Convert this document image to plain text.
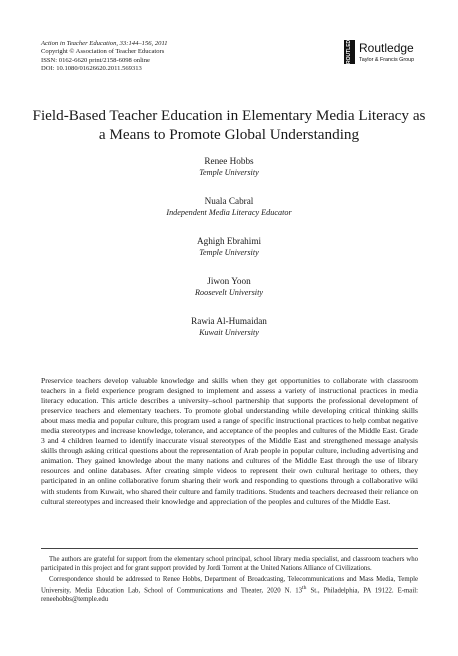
Action in Teacher Education, 33:144–156, 2011
Copyright © Association of Teacher Educators
ISSN: 0162-6620 print/2158-6098 online
DOI: 10.1080/01626620.2011.569313
ROUTLEDGE Routledge
Taylor & Francis Group
Field-Based Teacher Education in Elementary Media Literacy as a Means to Promote Global Understanding
Renee Hobbs
Temple University
Nuala Cabral
Independent Media Literacy Educator
Aghigh Ebrahimi
Temple University
Jiwon Yoon
Roosevelt University
Rawia Al-Humaidan
Kuwait University
Preservice teachers develop valuable knowledge and skills when they get opportunities to collaborate with classroom teachers in a field experience program designed to implement and assess a variety of instructional practices in media literacy education. This article describes a university–school partnership that supports the professional development of preservice teachers and elementary teachers. To promote global understanding while developing critical thinking skills about mass media and popular culture, this program used a range of specific instructional practices to help combat negative media stereotypes and increase knowledge, tolerance, and acceptance of the peoples and cultures of the Middle East. Grade 3 and 4 children learned to identify inaccurate visual stereotypes of the Middle East and strengthened message analysis skills through asking critical questions about the representation of Arab people in popular culture, including advertising and animation. They gained knowledge about the many nations and cultures of the Middle East through the use of library resources and online databases. After creating simple videos to represent their own cultural heritage to others, they participated in an online collaborative forum sharing their work and responding to questions through a collaborative wiki with students from Kuwait, who shared their culture and family traditions. Students and teachers decreased their reliance on cultural stereotypes and increased their knowledge and appreciation of the peoples and cultures of the Middle East.

The authors are grateful for support from the elementary school principal, school library media specialist, and classroom teachers who participated in this project and for grant support provided by Jordi Torrent at the United Nations Alliance of Civilizations.

Correspondence should be addressed to Renee Hobbs, Department of Broadcasting, Telecommunications and Mass Media, Temple University, Media Education Lab, School of Communications and Theater, 2020 N. 13th St., Philadelphia, PA 19122. E-mail: reneehobbs@temple.edu
